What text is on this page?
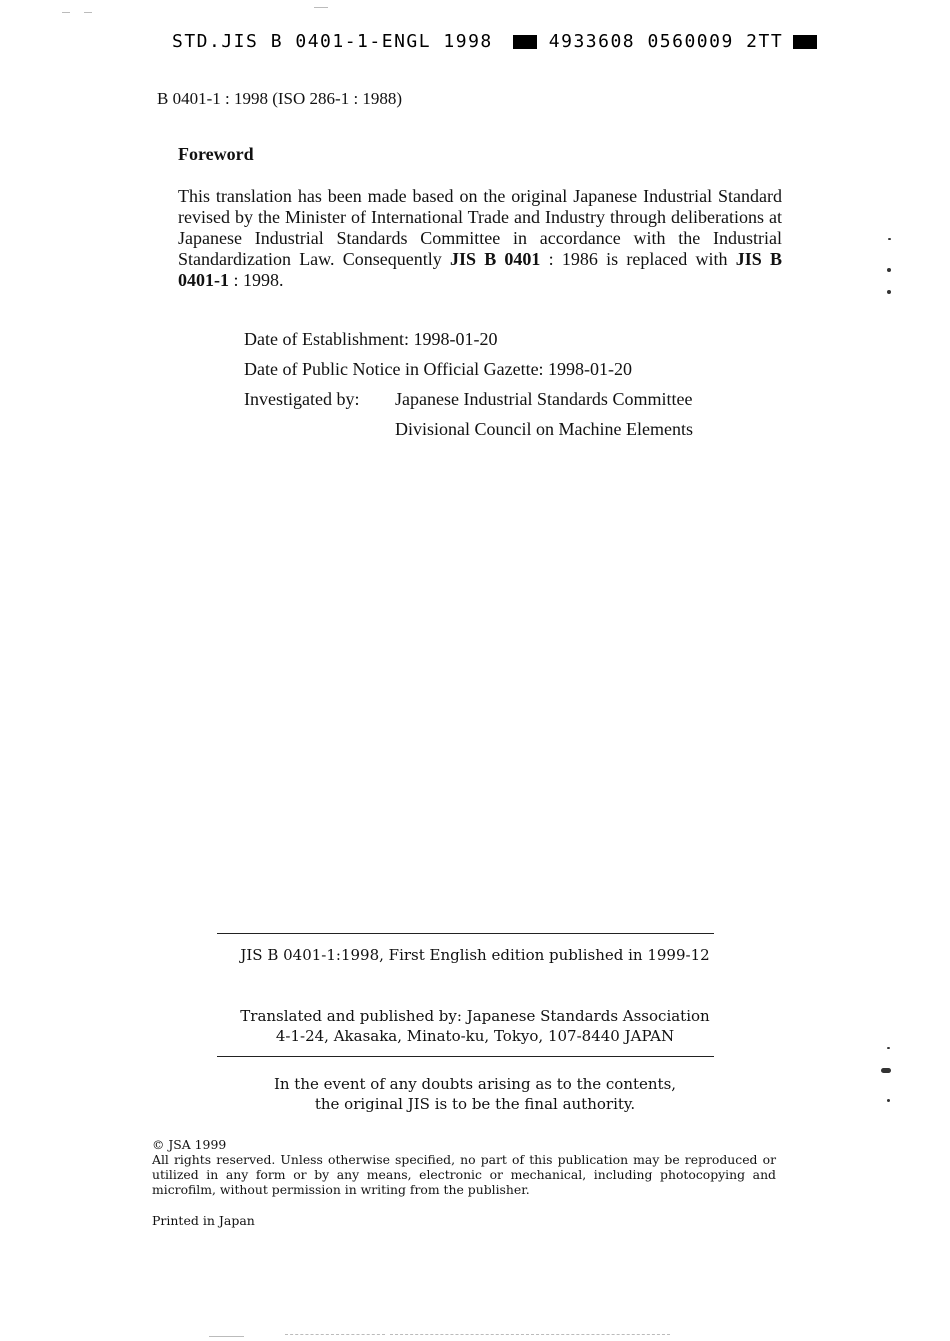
STD.JIS B 0401-1-ENGL 1998	4933608 0560009 2TT
B 0401-1 : 1998 (ISO 286-1 : 1988)
Foreword
This translation has been made based on the original Japanese Industrial Standard revised by the Minister of International Trade and Industry through deliberations at Japanese Industrial Standards Committee in accordance with the Industrial Standardization Law. Consequently JIS B 0401 : 1986 is replaced with JIS B 0401-1 : 1998.
Date of Establishment: 1998-01-20
Date of Public Notice in Official Gazette: 1998-01-20
Investigated by: Japanese Industrial Standards Committee
Divisional Council on Machine Elements
JIS B 0401-1:1998, First English edition published in 1999-12
Translated and published by: Japanese Standards Association
4-1-24, Akasaka, Minato-ku, Tokyo, 107-8440 JAPAN
In the event of any doubts arising as to the contents,
the original JIS is to be the final authority.
© JSA 1999
All rights reserved. Unless otherwise specified, no part of this publication may be reproduced or utilized in any form or by any means, electronic or mechanical, including photocopying and microfilm, without permission in writing from the publisher.
Printed in Japan
